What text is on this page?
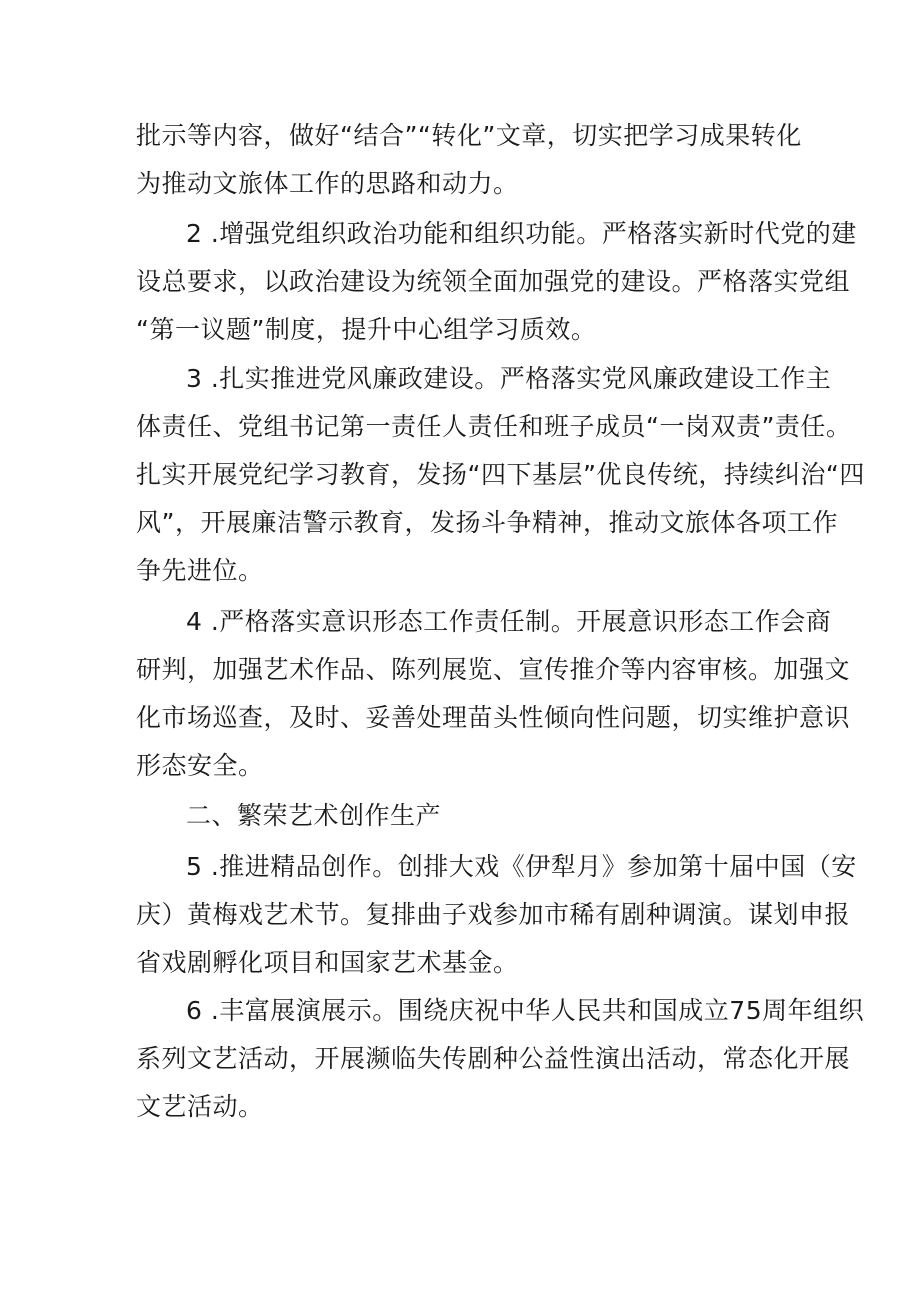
批示等内容，做好“结合”“转化”文章，切实把学习成果转化
为推动文旅体工作的思路和动力。

2 .增强党组织政治功能和组织功能。严格落实新时代党的建
设总要求，以政治建设为统领全面加强党的建设。严格落实党组
“第一议题”制度，提升中心组学习质效。

3 .扎实推进党风廉政建设。严格落实党风廉政建设工作主
体责任、党组书记第一责任人责任和班子成员“一岗双责”责任。
扎实开展党纪学习教育，发扬“四下基层”优良传统，持续纠治“四
风”，开展廉洁警示教育，发扬斗争精神，推动文旅体各项工作
争先进位。

4 .严格落实意识形态工作责任制。开展意识形态工作会商
研判，加强艺术作品、陈列展览、宣传推介等内容审核。加强文
化市场巡查，及时、妥善处理苗头性倾向性问题，切实维护意识
形态安全。

二、繁荣艺术创作生产

5 .推进精品创作。创排大戏《伊犁月》参加第十届中国（安
庆）黄梅戏艺术节。复排曲子戏参加市稀有剧种调演。谋划申报
省戏剧孵化项目和国家艺术基金。

6 .丰富展演展示。围绕庆祝中华人民共和国成立75周年组织
系列文艺活动，开展濒临失传剧种公益性演出活动，常态化开展
文艺活动。
